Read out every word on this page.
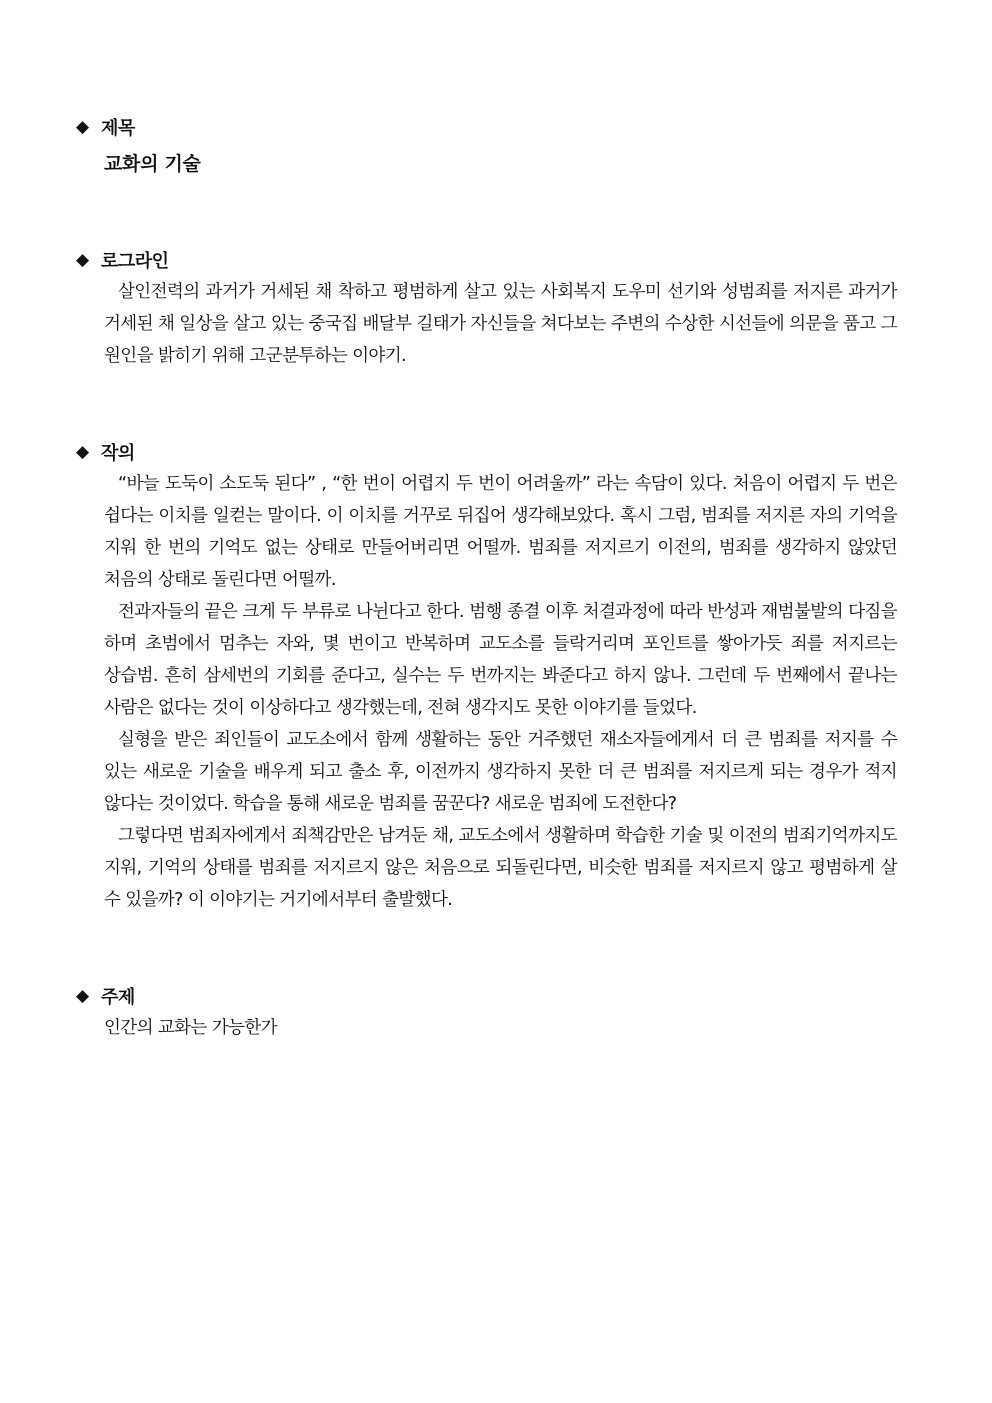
◆ 제목
교화의 기술
◆ 로그라인

살인전력의 과거가 거세된 채 착하고 평범하게 살고 있는 사회복지 도우미 선기와 성범죄를 저지른 과거가 거세된 채 일상을 살고 있는 중국집 배달부 길태가 자신들을 쳐다보는 주변의 수상한 시선들에 의문을 품고 그 원인을 밝히기 위해 고군분투하는 이야기.

◆ 작의

“바늘 도둑이 소도둑 된다” , “한 번이 어렵지 두 번이 어려울까” 라는 속담이 있다. 처음이 어렵지 두 번은 쉽다는 이치를 일컫는 말이다. 이 이치를 거꾸로 뒤집어 생각해보았다. 혹시 그럼, 범죄를 저지른 자의 기억을 지워 한 번의 기억도 없는 상태로 만들어버리면 어떨까. 범죄를 저지르기 이전의, 범죄를 생각하지 않았던 처음의 상태로 돌린다면 어떨까.

전과자들의 끝은 크게 두 부류로 나뉜다고 한다. 범행 종결 이후 처결과정에 따라 반성과 재범불발의 다짐을 하며 초범에서 멈추는 자와, 몇 번이고 반복하며 교도소를 들락거리며 포인트를 쌓아가듯 죄를 저지르는 상습범. 흔히 삼세번의 기회를 준다고, 실수는 두 번까지는 봐준다고 하지 않나. 그런데 두 번째에서 끝나는 사람은 없다는 것이 이상하다고 생각했는데, 전혀 생각지도 못한 이야기를 들었다.

실형을 받은 죄인들이 교도소에서 함께 생활하는 동안 거주했던 재소자들에게서 더 큰 범죄를 저지를 수 있는 새로운 기술을 배우게 되고 출소 후, 이전까지 생각하지 못한 더 큰 범죄를 저지르게 되는 경우가 적지 않다는 것이었다. 학습을 통해 새로운 범죄를 꿈꾼다? 새로운 범죄에 도전한다?

그렇다면 범죄자에게서 죄책감만은 남겨둔 채, 교도소에서 생활하며 학습한 기술 및 이전의 범죄기억까지도 지워, 기억의 상태를 범죄를 저지르지 않은 처음으로 되돌린다면, 비슷한 범죄를 저지르지 않고 평범하게 살 수 있을까? 이 이야기는 거기에서부터 출발했다.

◆ 주제
인간의 교화는 가능한가
